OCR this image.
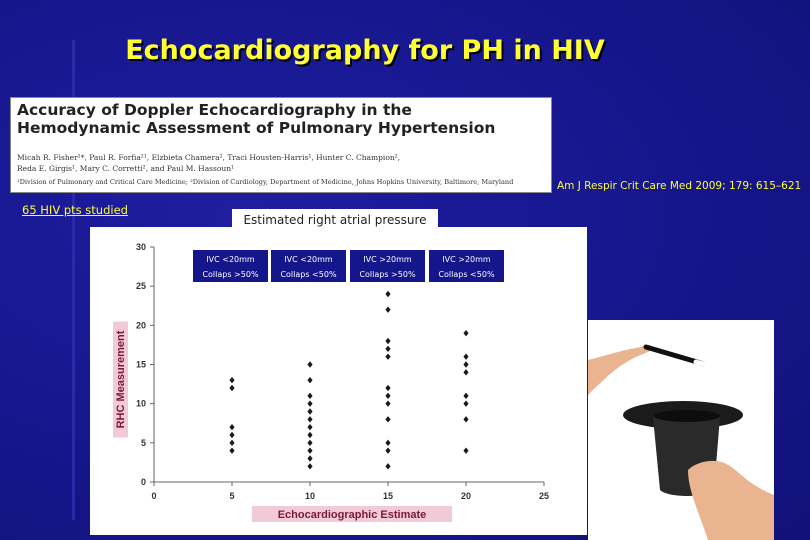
Echocardiography for PH in HIV
Accuracy of Doppler Echocardiography in the
Hemodynamic Assessment of Pulmonary Hypertension
Micah R. Fisher¹*, Paul R. Forfia²¹, Elzbieta Chamera², Traci Housten-Harris¹, Hunter C. Champion²,
Reda E. Girgis¹, Mary C. Corretti², and Paul M. Hassoun¹
¹Division of Pulmonary and Critical Care Medicine; ²Division of Cardiology, Department of Medicine, Johns Hopkins University, Baltimore, Maryland	Am J Respir Crit Care Med 2009; 179: 615–621
65 HIV pts studied
0	5	10	15	20	25
0
5
10
15
20
25
30
Echocardiographic Estimate
RHC Measurement
Estimated right atrial pressure
IVC <20mm
Collaps >50%
IVC <20mm
Collaps <50%
IVC >20mm
Collaps >50%
IVC >20mm
Collaps <50%
